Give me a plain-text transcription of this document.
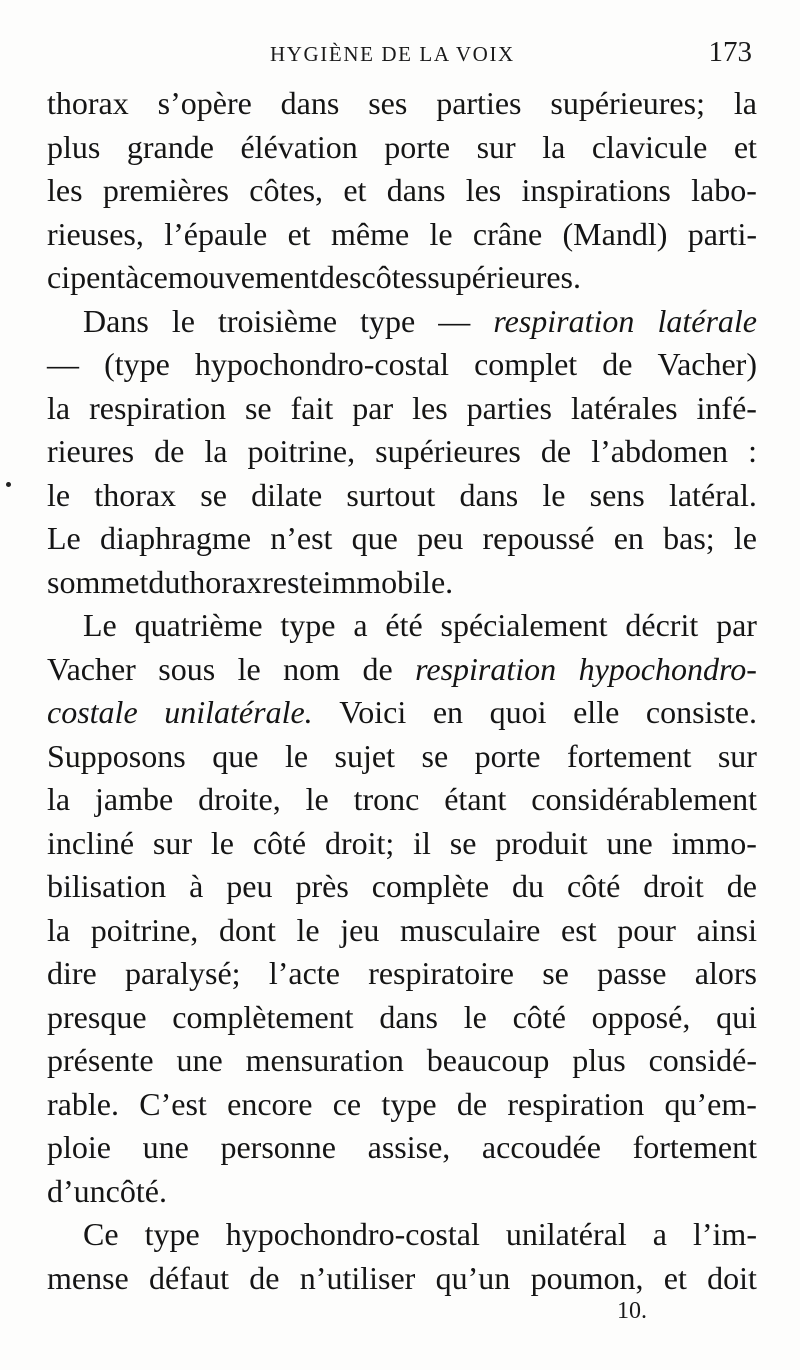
HYGIÈNE DE LA VOIX	173
thorax s’opère dans ses parties supérieures; la
plus grande élévation porte sur la clavicule et
les premières côtes, et dans les inspirations labo-
rieuses, l’épaule et même le crâne (Mandl) parti-
cipent à ce mouvement des côtes supérieures.
Dans le troisième type — respiration latérale
— (type hypochondro-costal complet de Vacher)
la respiration se fait par les parties latérales infé-
rieures de la poitrine, supérieures de l’abdomen :
le thorax se dilate surtout dans le sens latéral.
Le diaphragme n’est que peu repoussé en bas; le
sommet du thorax reste immobile.
Le quatrième type a été spécialement décrit par
Vacher sous le nom de respiration hypochondro-
costale unilatérale. Voici en quoi elle consiste.
Supposons que le sujet se porte fortement sur
la jambe droite, le tronc étant considérablement
incliné sur le côté droit; il se produit une immo-
bilisation à peu près complète du côté droit de
la poitrine, dont le jeu musculaire est pour ainsi
dire paralysé; l’acte respiratoire se passe alors
presque complètement dans le côté opposé, qui
présente une mensuration beaucoup plus considé-
rable. C’est encore ce type de respiration qu’em-
ploie une personne assise, accoudée fortement
d’un côté.
Ce type hypochondro-costal unilatéral a l’im-
mense défaut de n’utiliser qu’un poumon, et doit
10.
